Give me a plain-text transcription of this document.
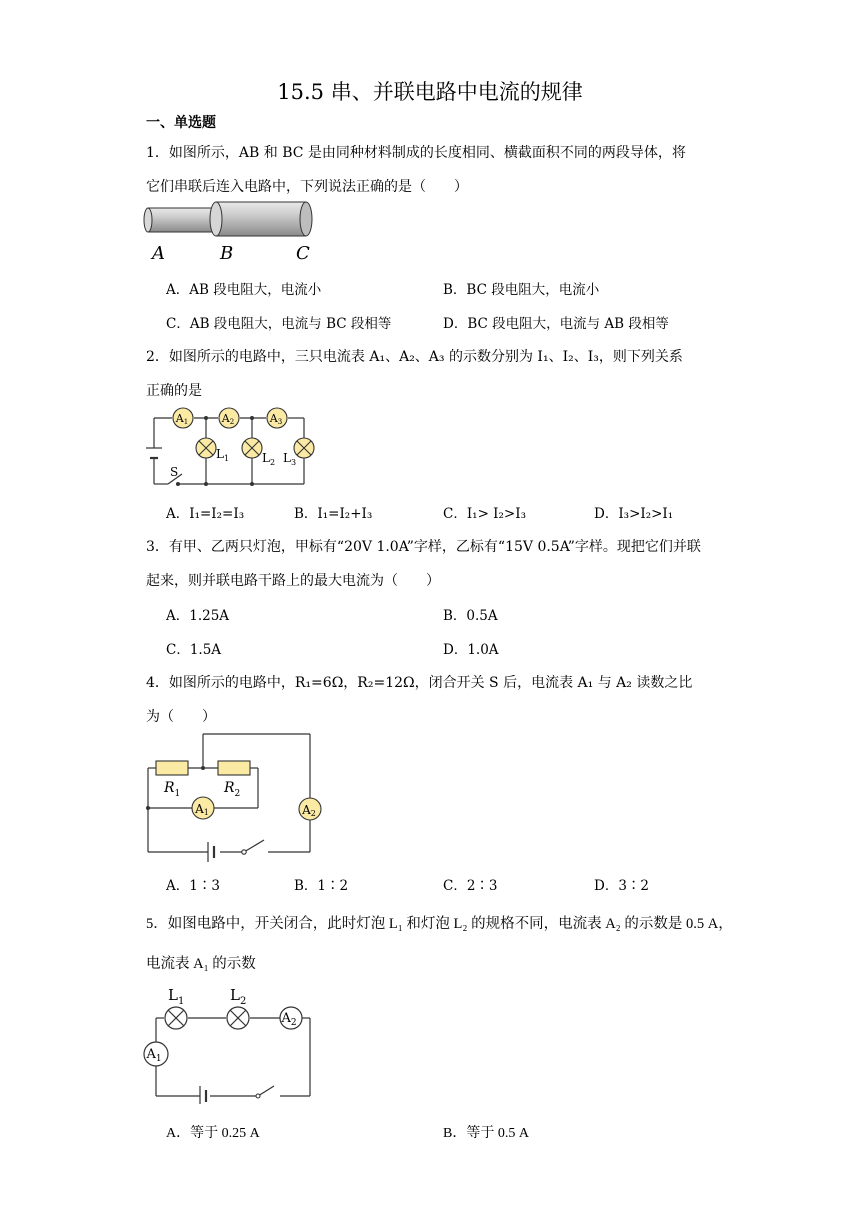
15.5 串、并联电路中电流的规律
一、单选题
1．如图所示，AB 和 BC 是由同种材料制成的长度相同、横截面积不同的两段导体，将
它们串联后连入电路中，下列说法正确的是（　　）
A	B	C
A．AB 段电阻大，电流小	B．BC 段电阻大，电流小
C．AB 段电阻大，电流与 BC 段相等	D．BC 段电阻大，电流与 AB 段相等
2．如图所示的电路中，三只电流表 A₁、A₂、A₃ 的示数分别为 I₁、I₂、I₃，则下列关系
正确的是
A1	A2	A3
$L_1$	$L_2$ $L_3$
S
A．I₁=I₂=I₃	B．I₁=I₂+I₃	C．I₁> I₂>I₃	D．I₃>I₂>I₁
3．有甲、乙两只灯泡，甲标有“20V 1.0A”字样，乙标有“15V 0.5A”字样。现把它们并联
起来，则并联电路干路上的最大电流为（　　）
A．1.25A	B．0.5A
C．1.5A	D．1.0A
4．如图所示的电路中，R₁=6Ω，R₂=12Ω，闭合开关 S 后，电流表 A₁ 与 A₂ 读数之比
为（　　）
$R_1$	$R_2$
A1	A2
A．1∶3	B．1∶2	C．2∶3	D．3∶2
5．如图电路中，开关闭合，此时灯泡 L₁ 和灯泡 L₂ 的规格不同，电流表 A₂ 的示数是 0.5 A，
电流表 A₁ 的示数
$L_1$	$L_2$
$A_2$
$A_1$
A．等于 0.25 A	B．等于 0.5 A
